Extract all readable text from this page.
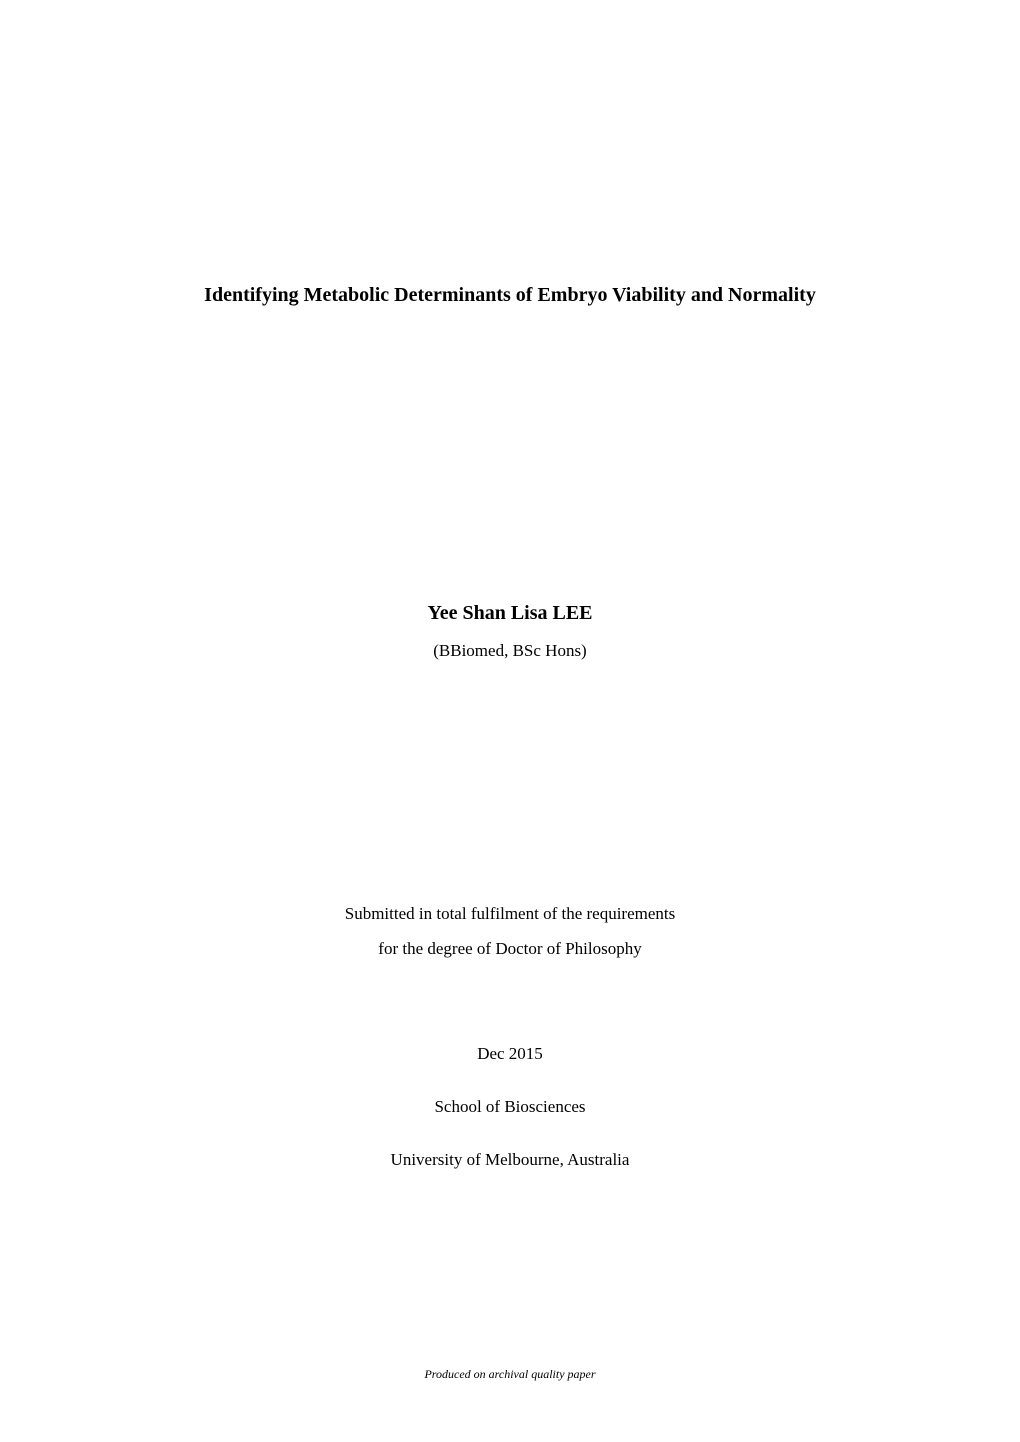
Identifying Metabolic Determinants of Embryo Viability and Normality
Yee Shan Lisa LEE
(BBiomed, BSc Hons)
Submitted in total fulfilment of the requirements
for the degree of Doctor of Philosophy
Dec 2015
School of Biosciences
University of Melbourne, Australia
Produced on archival quality paper
